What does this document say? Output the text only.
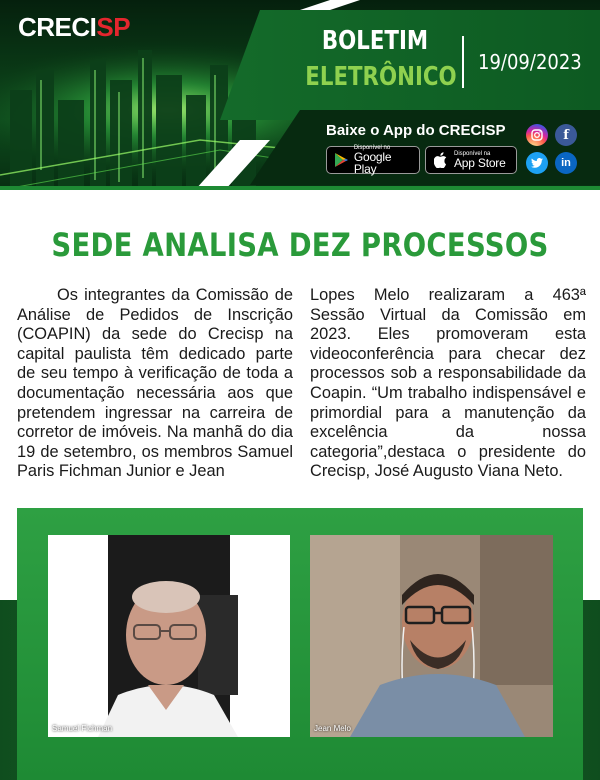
CRECISP	BOLETIM
ELETRÔNICO 19/09/2023
Baixe o App do CRECISP
Disponível no
Google Play
Disponível na
App Store
f
in
SEDE ANALISA DEZ PROCESSOS
Os integrantes da Comissão de Análise de Pedidos de Inscrição (COAPIN) da sede do Crecisp na capital paulista têm dedicado parte de seu tempo à verificação de toda a documentação necessária aos que pretendem ingressar na carreira de corretor de imóveis. Na manhã do dia 19 de setembro, os membros Samuel Paris Fichman Junior e Jean
Lopes Melo realizaram a 463ª Sessão Virtual da Comissão em 2023. Eles promoveram esta videoconferência para checar dez processos sob a responsabilidade da Coapin. “Um trabalho indispensável e primordial para a manutenção da excelência da nossa categoria”,destaca o presidente do Crecisp, José Augusto Viana Neto.
Samuel Fichman	Jean Melo
